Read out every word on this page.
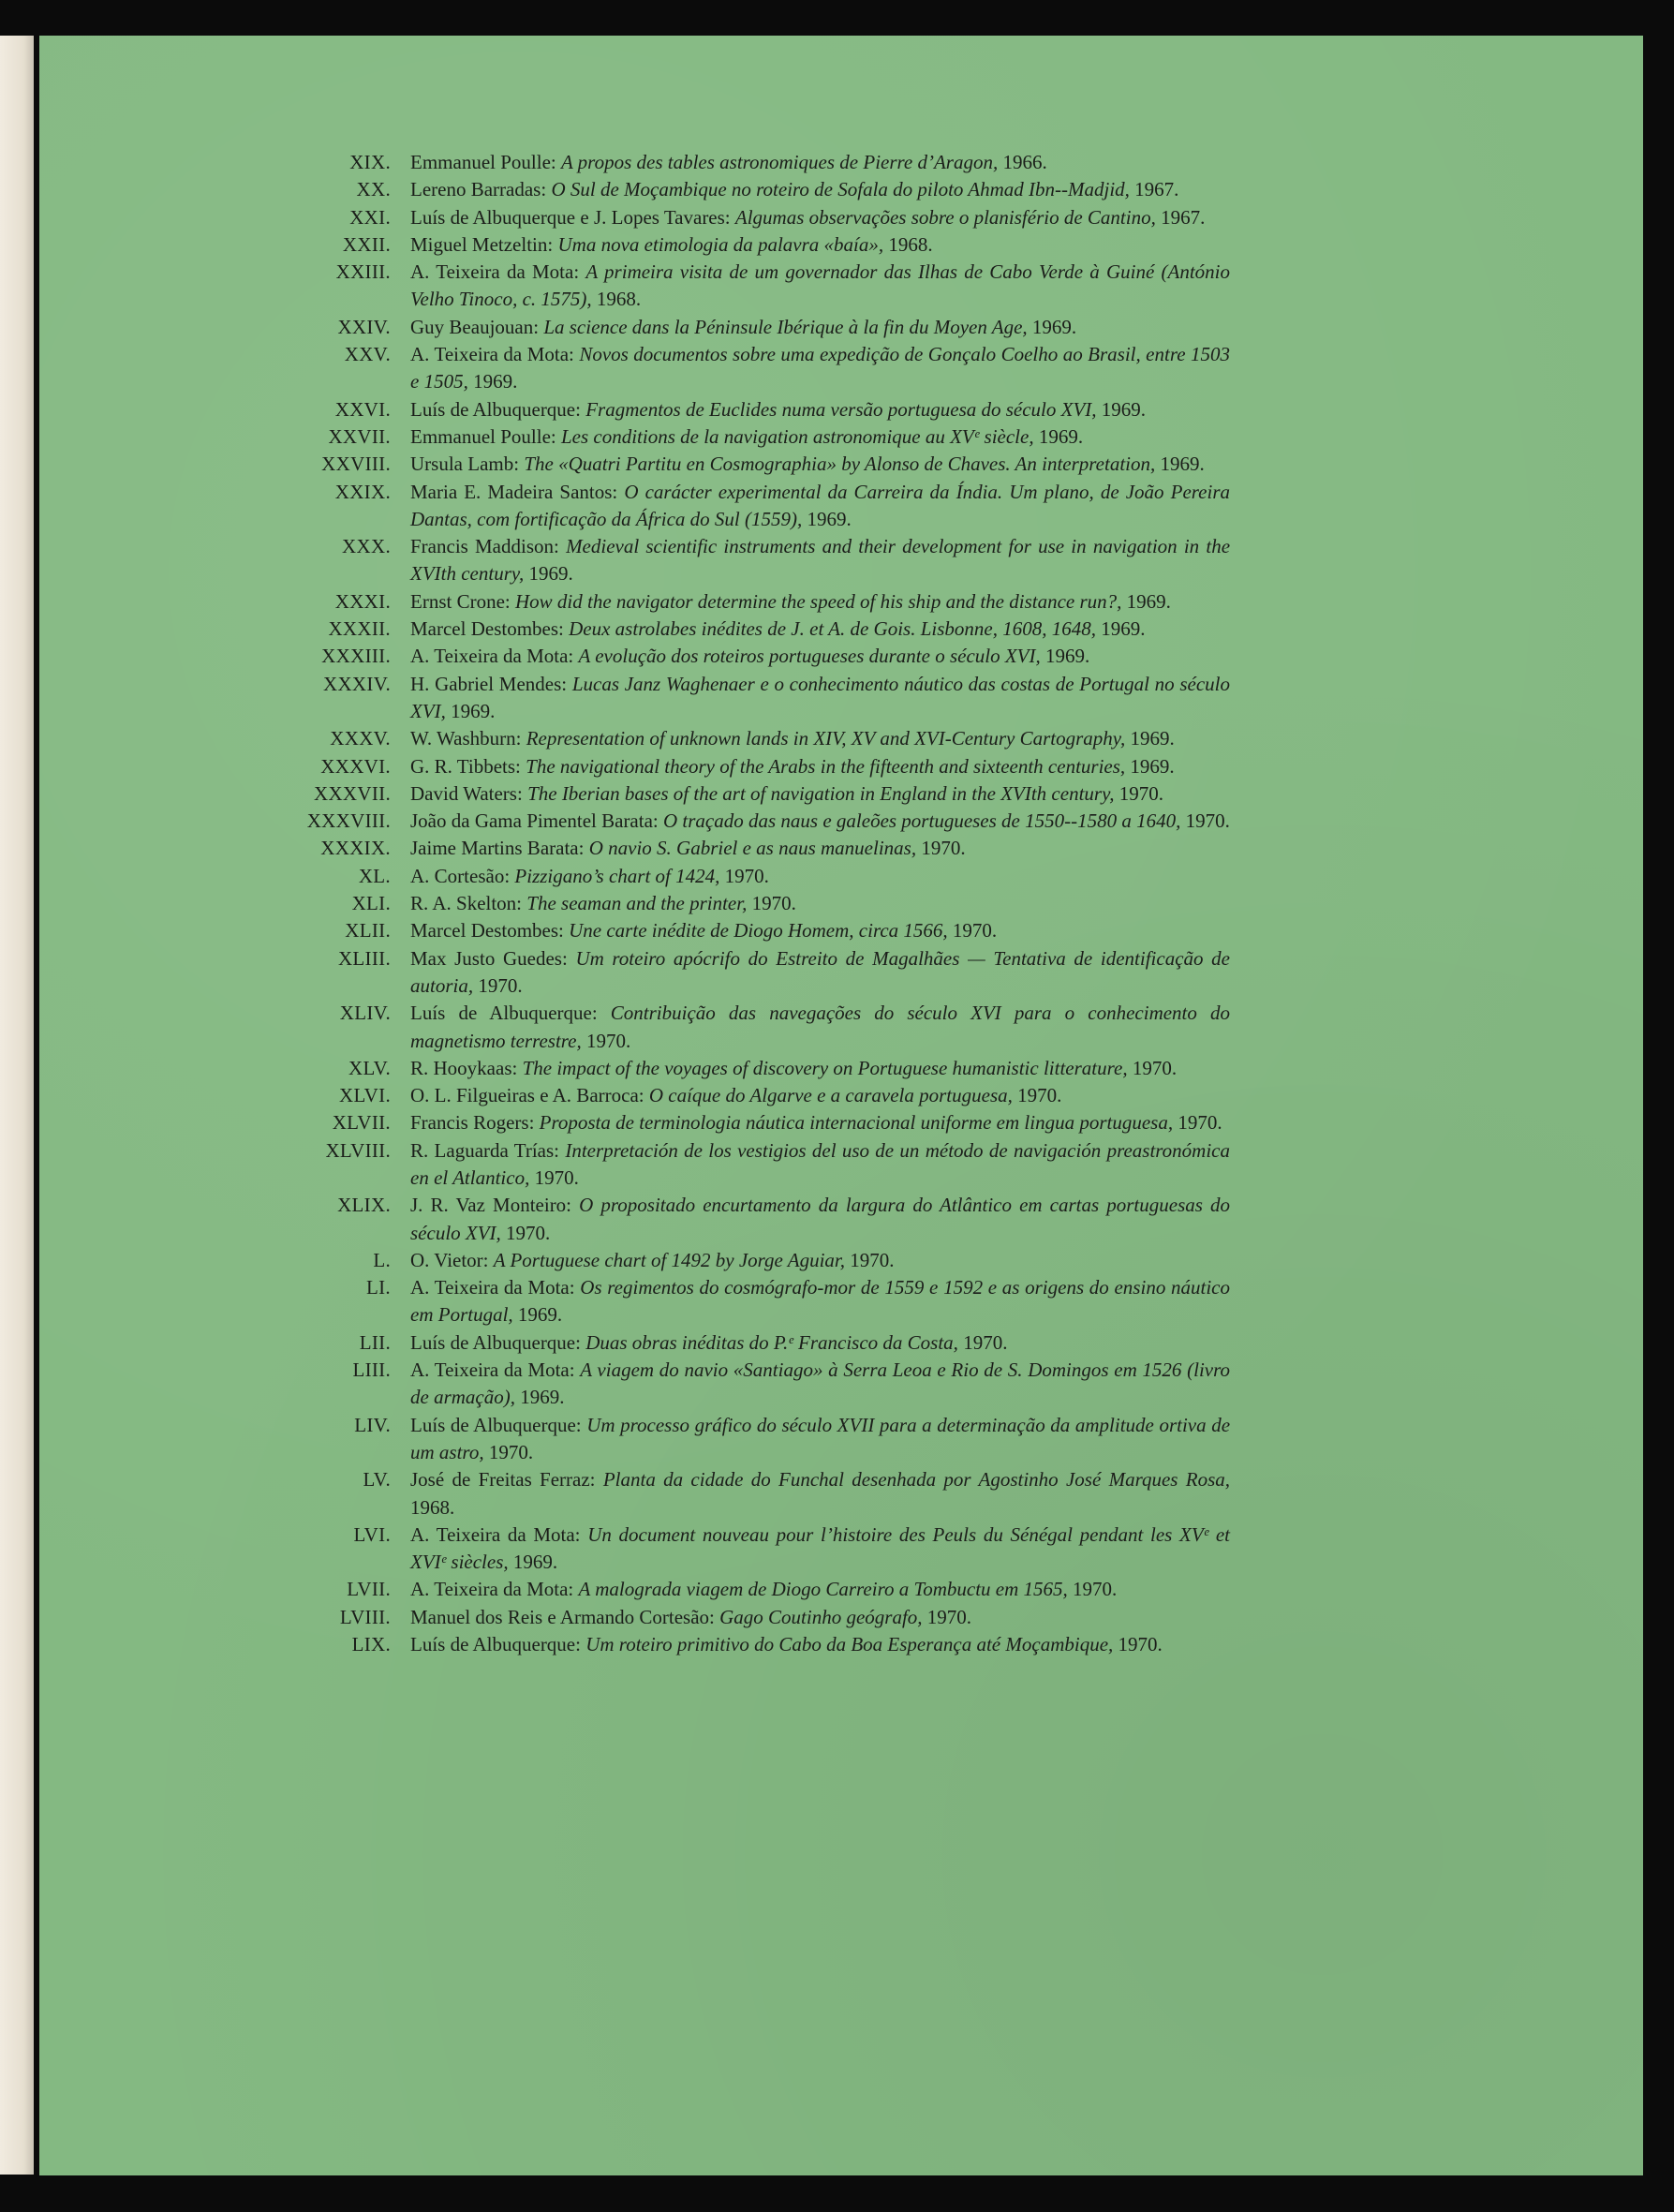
XIX.	Emmanuel Poulle: A propos des tables astronomiques de Pierre d’Aragon, 1966.
XX.	Lereno Barradas: O Sul de Moçambique no roteiro de Sofala do piloto Ahmad Ibn--Madjid, 1967.
XXI.	Luís de Albuquerque e J. Lopes Tavares: Algumas observações sobre o planisfério de Cantino, 1967.
XXII.	Miguel Metzeltin: Uma nova etimologia da palavra «baía», 1968.
XXIII.	A. Teixeira da Mota: A primeira visita de um governador das Ilhas de Cabo Verde à Guiné (António Velho Tinoco, c. 1575), 1968.
XXIV.	Guy Beaujouan: La science dans la Péninsule Ibérique à la fin du Moyen Age, 1969.
XXV.	A. Teixeira da Mota: Novos documentos sobre uma expedição de Gonçalo Coelho ao Brasil, entre 1503 e 1505, 1969.
XXVI.	Luís de Albuquerque: Fragmentos de Euclides numa versão portuguesa do século XVI, 1969.
XXVII.	Emmanuel Poulle: Les conditions de la navigation astronomique au XVᵉ siècle, 1969.
XXVIII.	Ursula Lamb: The «Quatri Partitu en Cosmographia» by Alonso de Chaves. An interpretation, 1969.
XXIX.	Maria E. Madeira Santos: O carácter experimental da Carreira da Índia. Um plano, de João Pereira Dantas, com fortificação da África do Sul (1559), 1969.
XXX.	Francis Maddison: Medieval scientific instruments and their development for use in navigation in the XVIth century, 1969.
XXXI.	Ernst Crone: How did the navigator determine the speed of his ship and the distance run?, 1969.
XXXII.	Marcel Destombes: Deux astrolabes inédites de J. et A. de Gois. Lisbonne, 1608, 1648, 1969.
XXXIII.	A. Teixeira da Mota: A evolução dos roteiros portugueses durante o século XVI, 1969.
XXXIV.	H. Gabriel Mendes: Lucas Janz Waghenaer e o conhecimento náutico das costas de Portugal no século XVI, 1969.
XXXV.	W. Washburn: Representation of unknown lands in XIV, XV and XVI-Century Cartography, 1969.
XXXVI.	G. R. Tibbets: The navigational theory of the Arabs in the fifteenth and sixteenth centuries, 1969.
XXXVII.	David Waters: The Iberian bases of the art of navigation in England in the XVIth century, 1970.
XXXVIII.	João da Gama Pimentel Barata: O traçado das naus e galeões portugueses de 1550--1580 a 1640, 1970.
XXXIX.	Jaime Martins Barata: O navio S. Gabriel e as naus manuelinas, 1970.
XL.	A. Cortesão: Pizzigano’s chart of 1424, 1970.
XLI.	R. A. Skelton: The seaman and the printer, 1970.
XLII.	Marcel Destombes: Une carte inédite de Diogo Homem, circa 1566, 1970.
XLIII.	Max Justo Guedes: Um roteiro apócrifo do Estreito de Magalhães — Tentativa de identificação de autoria, 1970.
XLIV.	Luís de Albuquerque: Contribuição das navegações do século XVI para o conhecimento do magnetismo terrestre, 1970.
XLV.	R. Hooykaas: The impact of the voyages of discovery on Portuguese humanistic litterature, 1970.
XLVI.	O. L. Filgueiras e A. Barroca: O caíque do Algarve e a caravela portuguesa, 1970.
XLVII.	Francis Rogers: Proposta de terminologia náutica internacional uniforme em lingua portuguesa, 1970.
XLVIII.	R. Laguarda Trías: Interpretación de los vestigios del uso de un método de navigación preastronómica en el Atlantico, 1970.
XLIX.	J. R. Vaz Monteiro: O propositado encurtamento da largura do Atlântico em cartas portuguesas do século XVI, 1970.
L.	O. Vietor: A Portuguese chart of 1492 by Jorge Aguiar, 1970.
LI.	A. Teixeira da Mota: Os regimentos do cosmógrafo-mor de 1559 e 1592 e as origens do ensino náutico em Portugal, 1969.
LII.	Luís de Albuquerque: Duas obras inéditas do P.ᵉ Francisco da Costa, 1970.
LIII.	A. Teixeira da Mota: A viagem do navio «Santiago» à Serra Leoa e Rio de S. Domingos em 1526 (livro de armação), 1969.
LIV.	Luís de Albuquerque: Um processo gráfico do século XVII para a determinação da amplitude ortiva de um astro, 1970.
LV.	José de Freitas Ferraz: Planta da cidade do Funchal desenhada por Agostinho José Marques Rosa, 1968.
LVI.	A. Teixeira da Mota: Un document nouveau pour l’histoire des Peuls du Sénégal pendant les XVᵉ et XVIᵉ siècles, 1969.
LVII.	A. Teixeira da Mota: A malograda viagem de Diogo Carreiro a Tombuctu em 1565, 1970.
LVIII.	Manuel dos Reis e Armando Cortesão: Gago Coutinho geógrafo, 1970.
LIX.	Luís de Albuquerque: Um roteiro primitivo do Cabo da Boa Esperança até Moçambique, 1970.
